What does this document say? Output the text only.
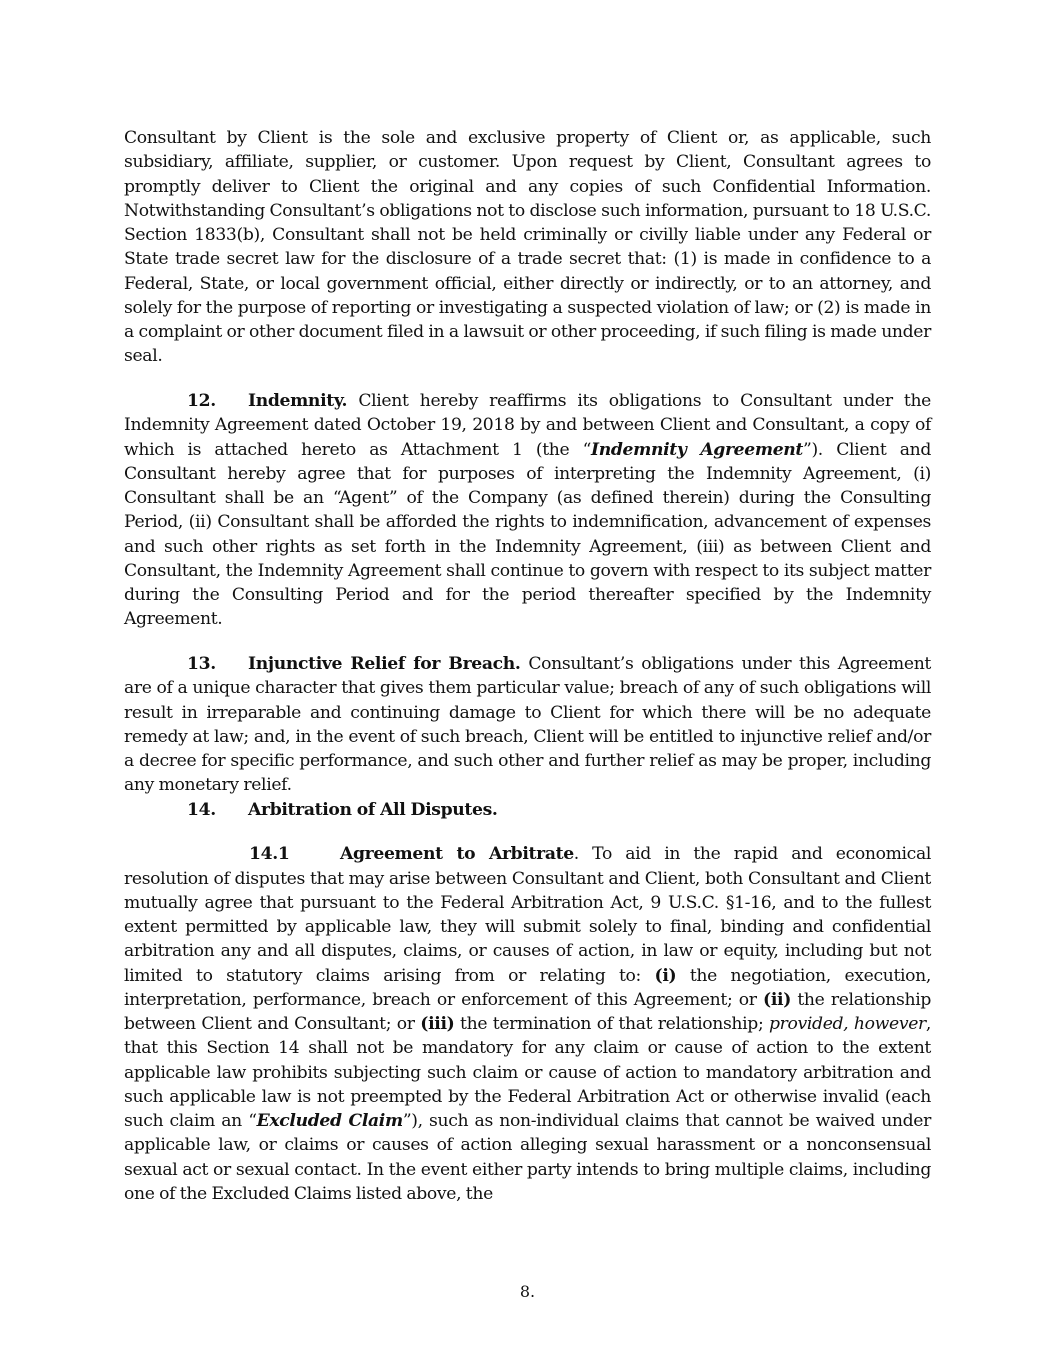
Consultant by Client is the sole and exclusive property of Client or, as applicable, such subsidiary, affiliate, supplier, or customer. Upon request by Client, Consultant agrees to promptly deliver to Client the original and any copies of such Confidential Information. Notwithstanding Consultant’s obligations not to disclose such information, pursuant to 18 U.S.C. Section 1833(b), Consultant shall not be held criminally or civilly liable under any Federal or State trade secret law for the disclosure of a trade secret that: (1) is made in confidence to a Federal, State, or local government official, either directly or indirectly, or to an attorney, and solely for the purpose of reporting or investigating a suspected violation of law; or (2) is made in a complaint or other document filed in a lawsuit or other proceeding, if such filing is made under seal.

12. Indemnity. Client hereby reaffirms its obligations to Consultant under the Indemnity Agreement dated October 19, 2018 by and between Client and Consultant, a copy of which is attached hereto as Attachment 1 (the “Indemnity Agreement”). Client and Consultant hereby agree that for purposes of interpreting the Indemnity Agreement, (i) Consultant shall be an “Agent” of the Company (as defined therein) during the Consulting Period, (ii) Consultant shall be afforded the rights to indemnification, advancement of expenses and such other rights as set forth in the Indemnity Agreement, (iii) as between Client and Consultant, the Indemnity Agreement shall continue to govern with respect to its subject matter during the Consulting Period and for the period thereafter specified by the Indemnity Agreement.

13. Injunctive Relief for Breach. Consultant’s obligations under this Agreement are of a unique character that gives them particular value; breach of any of such obligations will result in irreparable and continuing damage to Client for which there will be no adequate remedy at law; and, in the event of such breach, Client will be entitled to injunctive relief and/or a decree for specific performance, and such other and further relief as may be proper, including any monetary relief.

14. Arbitration of All Disputes.

14.1	Agreement to Arbitrate. To aid in the rapid and economical resolution of disputes that may arise between Consultant and Client, both Consultant and Client mutually agree that pursuant to the Federal Arbitration Act, 9 U.S.C. §1-16, and to the fullest extent permitted by applicable law, they will submit solely to final, binding and confidential arbitration any and all disputes, claims, or causes of action, in law or equity, including but not limited to statutory claims arising from or relating to: (i) the negotiation, execution, interpretation, performance, breach or enforcement of this Agreement; or (ii) the relationship between Client and Consultant; or (iii) the termination of that relationship; provided, however, that this Section 14 shall not be mandatory for any claim or cause of action to the extent applicable law prohibits subjecting such claim or cause of action to mandatory arbitration and such applicable law is not preempted by the Federal Arbitration Act or otherwise invalid (each such claim an “Excluded Claim”), such as non-individual claims that cannot be waived under applicable law, or claims or causes of action alleging sexual harassment or a nonconsensual sexual act or sexual contact. In the event either party intends to bring multiple claims, including one of the Excluded Claims listed above, the

8.
